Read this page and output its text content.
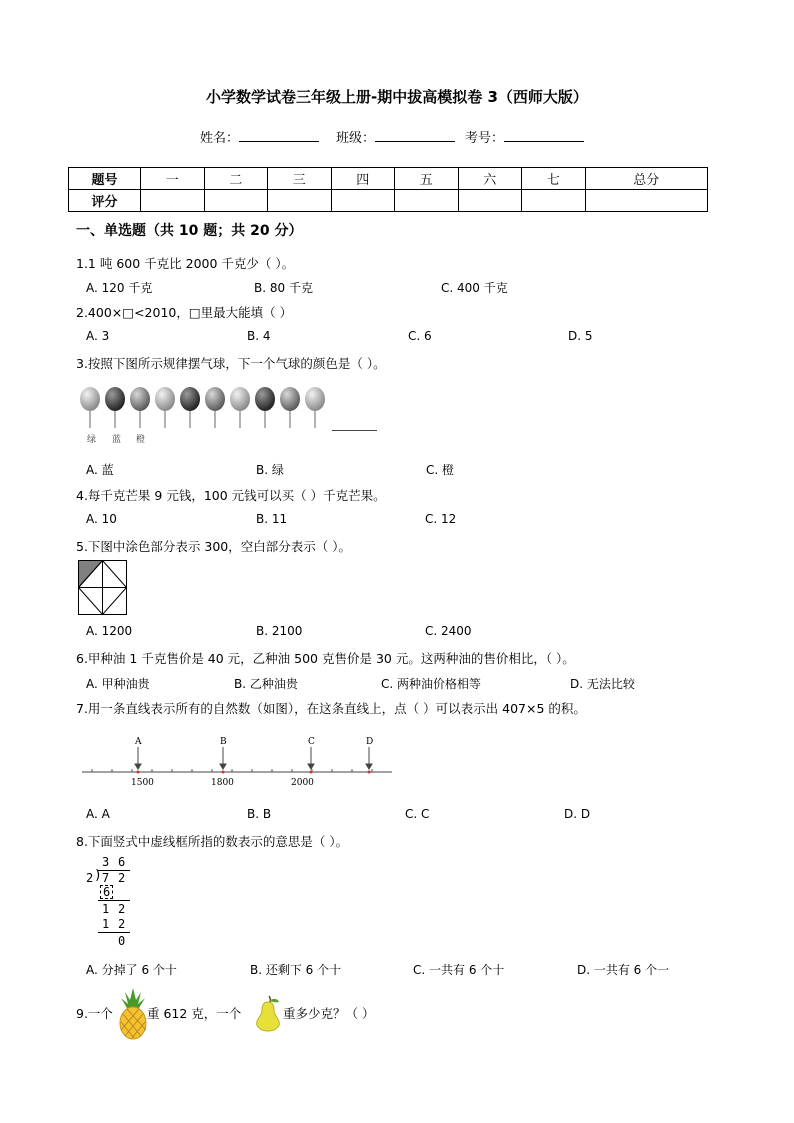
小学数学试卷三年级上册-期中拔高模拟卷 3（西师大版）
姓名：	班级：	考号：
题号	一	二	三	四	五	六	七	总分
评分								
一、单选题（共 10 题；共 20 分）
1.1 吨 600 千克比 2000 千克少（ ）。
A. 120 千克	B. 80 千克	C. 400 千克
2.400×□<2010，□里最大能填（ ）
A. 3	B. 4	C. 6	D. 5
3.按照下图所示规律摆气球，下一个气球的颜色是（ ）。
绿 蓝 橙
A. 蓝	B. 绿	C. 橙
4.每千克芒果 9 元钱，100 元钱可以买（ ）千克芒果。
A. 10	B. 11	C. 12
5.下图中涂色部分表示 300，空白部分表示（ ）。
A. 1200	B. 2100	C. 2400
6.甲种油 1 千克售价是 40 元，乙种油 500 克售价是 30 元。这两种油的售价相比，（ ）。
A. 甲种油贵	B. 乙种油贵	C. 两种油价格相等	D. 无法比较
7.用一条直线表示所有的自然数（如图），在这条直线上，点（ ）可以表示出 407×5 的积。
A	B	C	D
1500	1800	2000
A. A	B. B	C. C	D. D
8.下面竖式中虚线框所指的数表示的意思是（ ）。
3 6
2 ) 7 2
6
1 2
1 2
0
A. 分掉了 6 个十	B. 还剩下 6 个十	C. 一共有 6 个十	D. 一共有 6 个一
9.一个	重 612 克，一个	重多少克？（ ）
